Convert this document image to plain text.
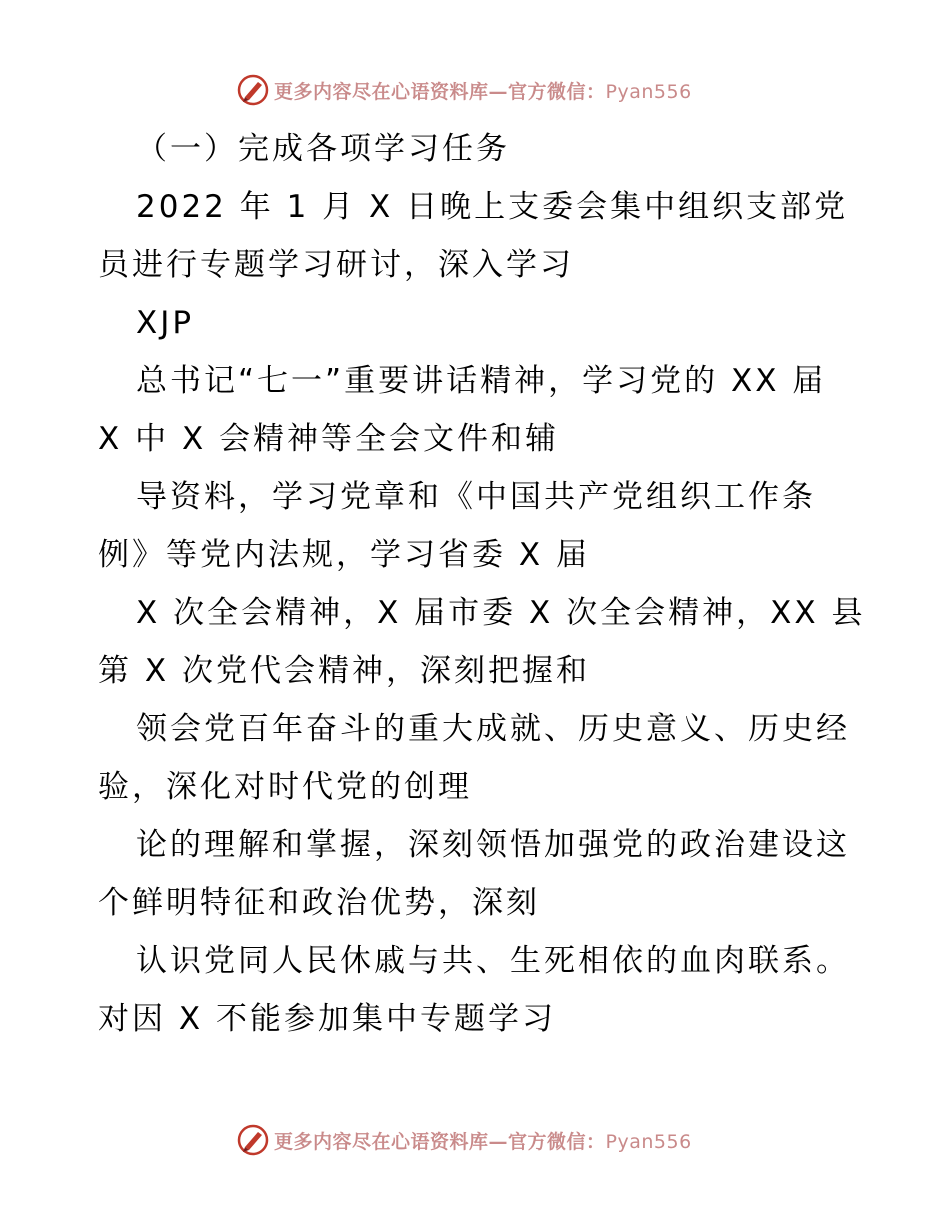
更多内容尽在心语资料库—官方微信：Pyan556
（一）完成各项学习任务
2022 年 1 月 X 日晚上支委会集中组织支部党
员进行专题学习研讨，深入学习
XJP
总书记“七一”重要讲话精神，学习党的 XX 届
X 中 X 会精神等全会文件和辅
导资料，学习党章和《中国共产党组织工作条
例》等党内法规，学习省委 X 届
X 次全会精神，X 届市委 X 次全会精神，XX 县
第 X 次党代会精神，深刻把握和
领会党百年奋斗的重大成就、历史意义、历史经
验，深化对时代党的创理
论的理解和掌握，深刻领悟加强党的政治建设这
个鲜明特征和政治优势，深刻
认识党同人民休戚与共、生死相依的血肉联系。
对因 X 不能参加集中专题学习
更多内容尽在心语资料库—官方微信：Pyan556
